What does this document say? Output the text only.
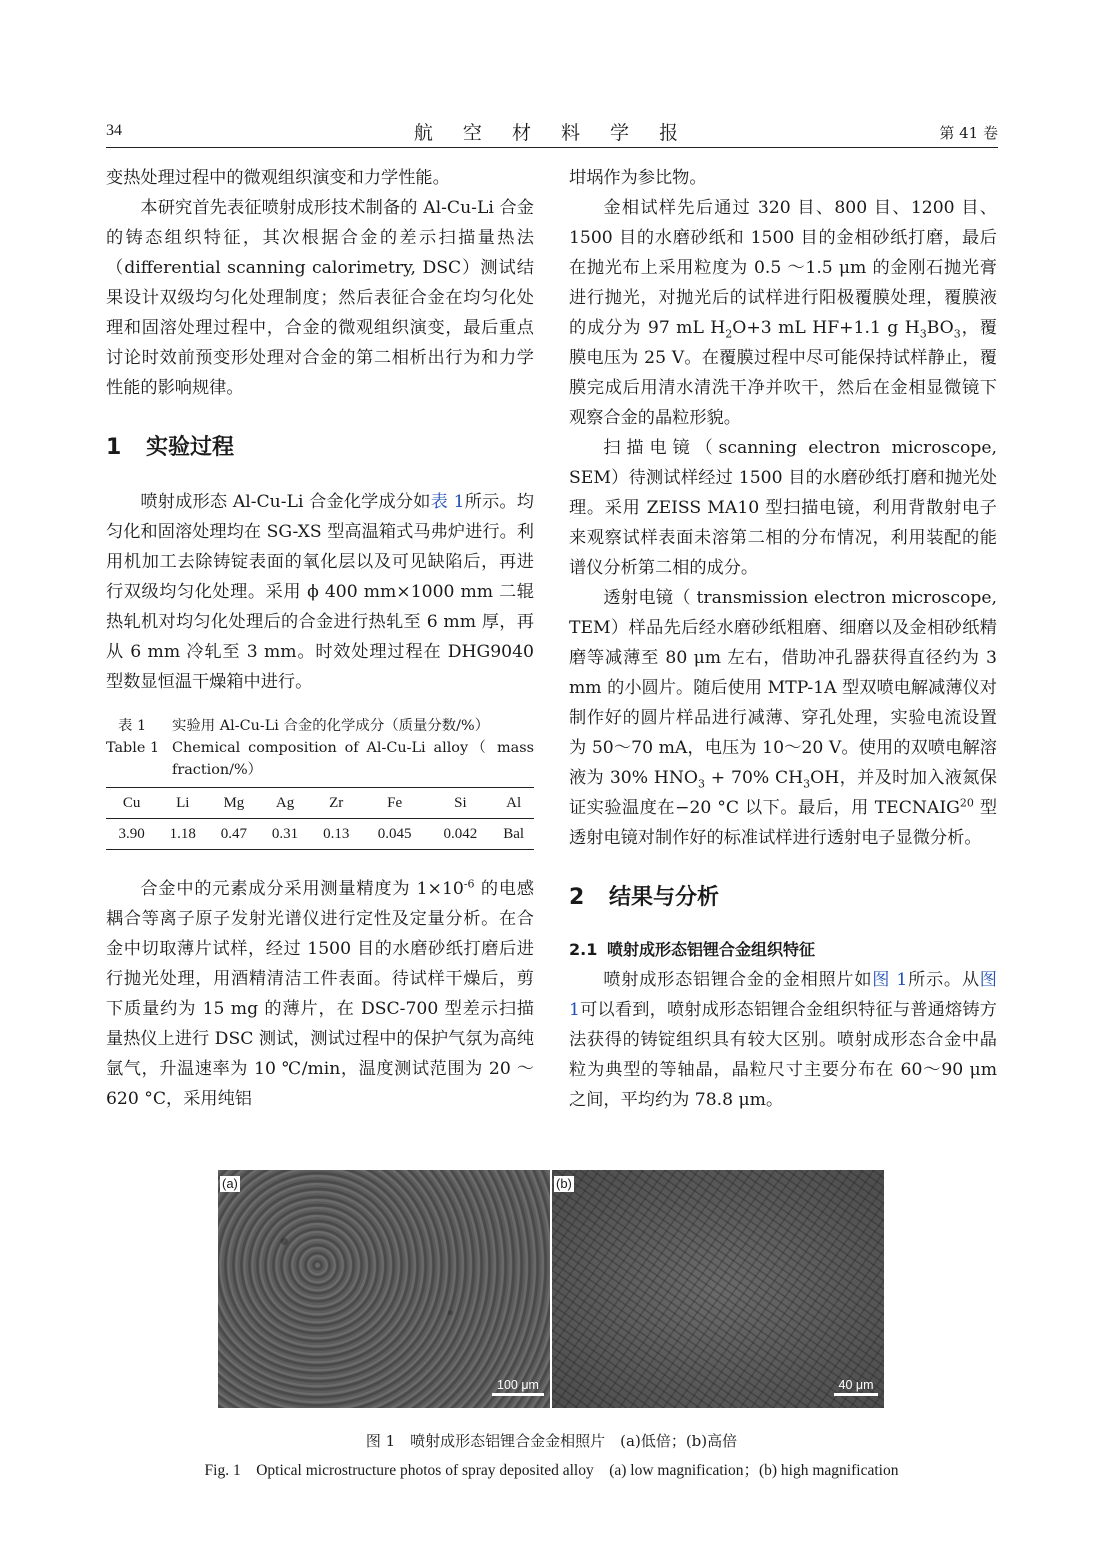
34	航 空 材 料 学 报	第 41 卷

变热处理过程中的微观组织演变和力学性能。

本研究首先表征喷射成形技术制备的 Al-Cu-Li 合金的铸态组织特征，其次根据合金的差示扫描量热法（differential scanning calorimetry, DSC）测试结果设计双级均匀化处理制度；然后表征合金在均匀化处理和固溶处理过程中，合金的微观组织演变，最后重点讨论时效前预变形处理对合金的第二相析出行为和力学性能的影响规律。

1 实验过程

喷射成形态 Al-Cu-Li 合金化学成分如表 1所示。均匀化和固溶处理均在 SG-XS 型高温箱式马弗炉进行。利用机加工去除铸锭表面的氧化层以及可见缺陷后，再进行双级均匀化处理。采用 ϕ 400 mm×1000 mm 二辊热轧机对均匀化处理后的合金进行热轧至 6 mm 厚，再从 6 mm 冷轧至 3 mm。时效处理过程在 DHG9040 型数显恒温干燥箱中进行。

表 1	实验用 Al-Cu-Li 合金的化学成分（质量分数/%）
Table 1 Chemical composition of Al-Cu-Li alloy（ mass fraction/%）
Cu	Li	Mg	Ag	Zr	Fe	Si	Al
3.90	1.18	0.47	0.31	0.13	0.045	0.042	Bal

合金中的元素成分采用测量精度为 $1\times 10^{-6}$ 的电感耦合等离子原子发射光谱仪进行定性及定量分析。在合金中切取薄片试样，经过 1500 目的水磨砂纸打磨后进行抛光处理，用酒精清洁工件表面。待试样干燥后，剪下质量约为 15 mg 的薄片，在 DSC-700 型差示扫描量热仪上进行 DSC 测试，测试过程中的保护气氛为高纯氩气，升温速率为 10 ℃/min，温度测试范围为 20 ～620 °C，采用纯铝

坩埚作为参比物。

金相试样先后通过 320 目、800 目、1200 目、1500 目的水磨砂纸和 1500 目的金相砂纸打磨，最后在抛光布上采用粒度为 0.5 ～1.5 μm 的金刚石抛光膏进行抛光，对抛光后的试样进行阳极覆膜处理，覆膜液的成分为 97 mL $H_2O+3$ mL HF+1.1 g $H_3BO_3$，覆膜电压为 25 V。在覆膜过程中尽可能保持试样静止，覆膜完成后用清水清洗干净并吹干，然后在金相显微镜下观察合金的晶粒形貌。

扫描电镜（scanning electron microscope, SEM）待测试样经过 1500 目的水磨砂纸打磨和抛光处理。采用 ZEISS MA10 型扫描电镜，利用背散射电子来观察试样表面未溶第二相的分布情况，利用装配的能谱仪分析第二相的成分。

透射电镜（ transmission electron microscope, TEM）样品先后经水磨砂纸粗磨、细磨以及金相砂纸精磨等减薄至 80 μm 左右，借助冲孔器获得直径约为 3 mm 的小圆片。随后使用 MTP-1A 型双喷电解减薄仪对制作好的圆片样品进行减薄、穿孔处理，实验电流设置为 50～70 mA，电压为 10～20 V。使用的双喷电解溶液为 30% $HNO_3 + 70\%$ $CH_3OH$，并及时加入液氮保证实验温度在−20 °C 以下。最后，用 TECNAIG$^{20}$ 型透射电镜对制作好的标准试样进行透射电子显微分析。

2 结果与分析
2.1 喷射成形态铝锂合金组织特征

喷射成形态铝锂合金的金相照片如图 1所示。从图 1可以看到，喷射成形态铝锂合金组织特征与普通熔铸方法获得的铸锭组织具有较大区别。喷射成形态合金中晶粒为典型的等轴晶，晶粒尺寸主要分布在 60～90 μm 之间，平均约为 78.8 μm。

(a)
100 μm
(b)
40 μm
图 1　喷射成形态铝锂合金金相照片　(a)低倍；(b)高倍
Fig. 1　Optical microstructure photos of spray deposited alloy　(a) low magnification；(b) high magnification
